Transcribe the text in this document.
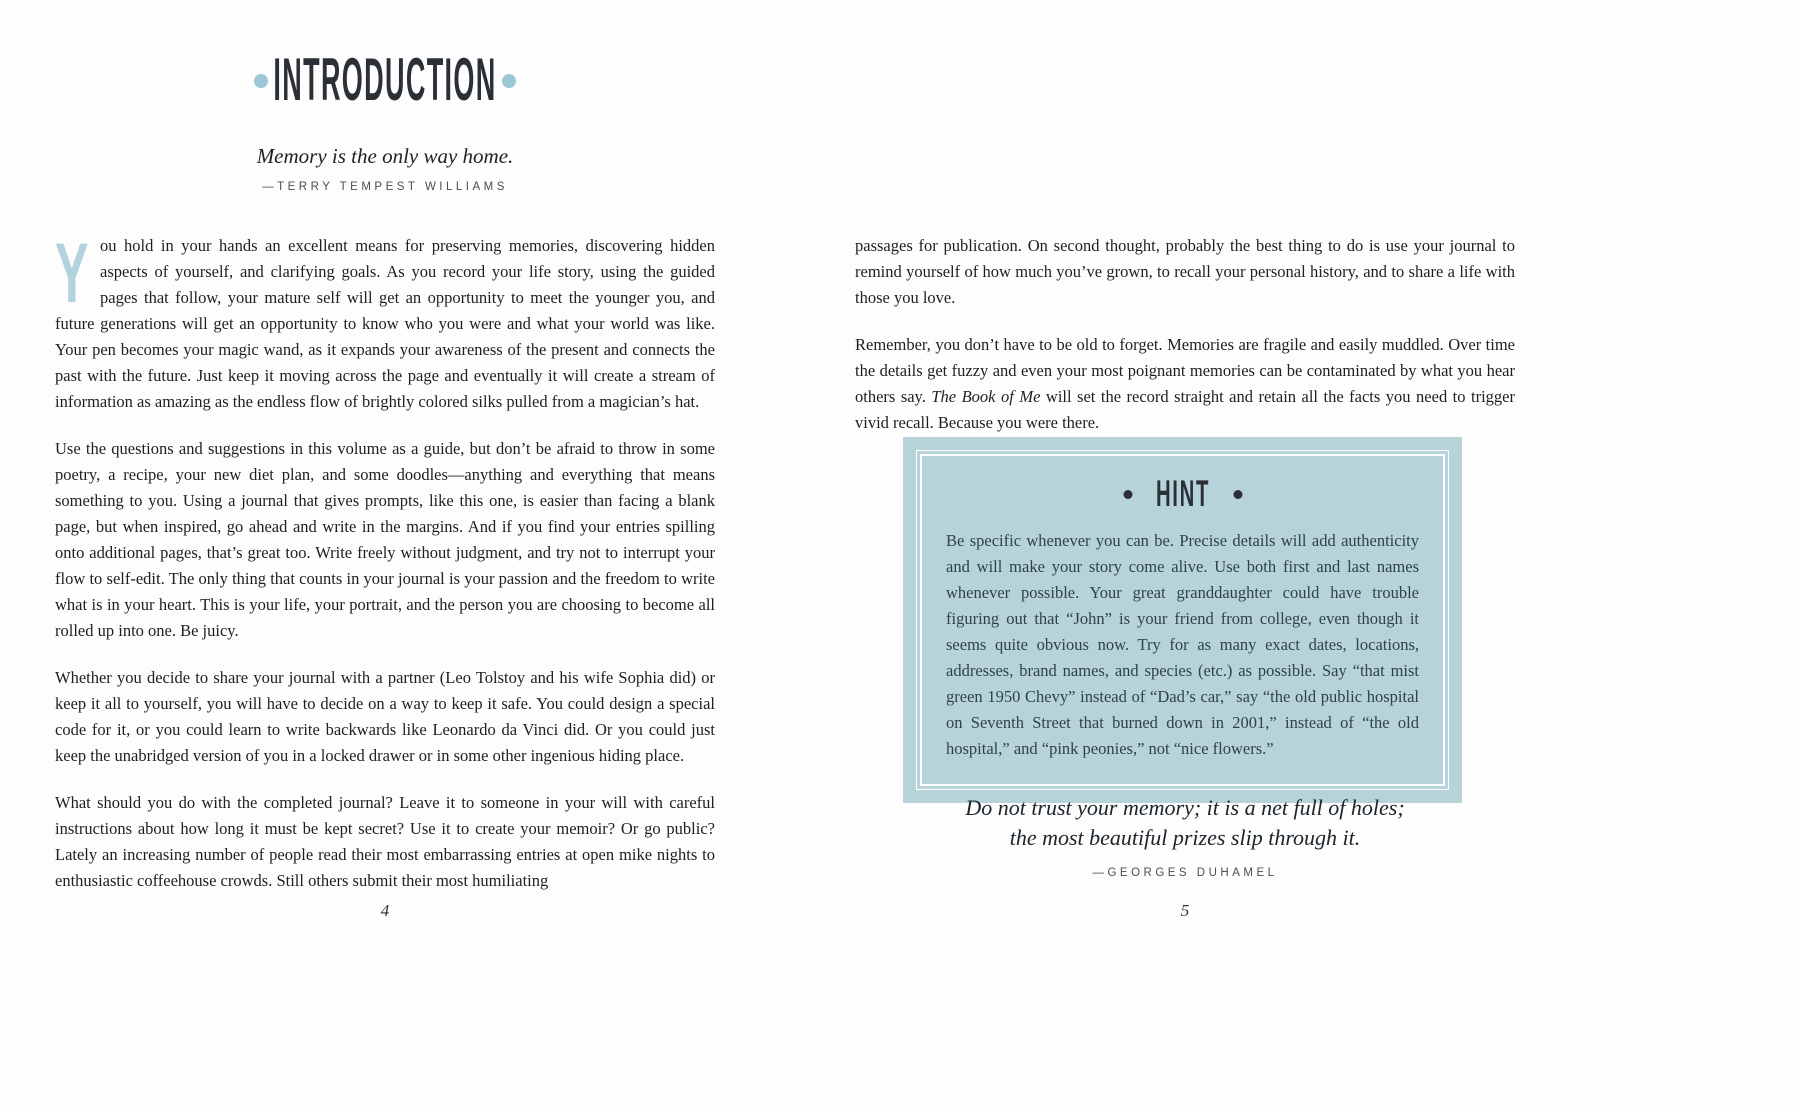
INTRODUCTION

Memory is the only way home.

—TERRY TEMPEST WILLIAMS

You hold in your hands an excellent means for preserving memories, discovering hidden aspects of yourself, and clarifying goals. As you record your life story, using the guided pages that follow, your mature self will get an opportunity to meet the younger you, and future generations will get an opportunity to know who you were and what your world was like. Your pen becomes your magic wand, as it expands your awareness of the present and connects the past with the future. Just keep it moving across the page and eventually it will create a stream of information as amazing as the endless flow of brightly colored silks pulled from a magician’s hat.

Use the questions and suggestions in this volume as a guide, but don’t be afraid to throw in some poetry, a recipe, your new diet plan, and some doodles—anything and everything that means something to you. Using a journal that gives prompts, like this one, is easier than facing a blank page, but when inspired, go ahead and write in the margins. And if you find your entries spilling onto additional pages, that’s great too. Write freely without judgment, and try not to interrupt your flow to self-edit. The only thing that counts in your journal is your passion and the freedom to write what is in your heart. This is your life, your portrait, and the person you are choosing to become all rolled up into one. Be juicy.

Whether you decide to share your journal with a partner (Leo Tolstoy and his wife Sophia did) or keep it all to yourself, you will have to decide on a way to keep it safe. You could design a special code for it, or you could learn to write backwards like Leonardo da Vinci did. Or you could just keep the unabridged version of you in a locked drawer or in some other ingenious hiding place.

What should you do with the completed journal? Leave it to someone in your will with careful instructions about how long it must be kept secret? Use it to create your memoir? Or go public? Lately an increasing number of people read their most embarrassing entries at open mike nights to enthusiastic coffeehouse crowds. Still others submit their most humiliating

4

passages for publication. On second thought, probably the best thing to do is use your journal to remind yourself of how much you’ve grown, to recall your personal history, and to share a life with those you love.

Remember, you don’t have to be old to forget. Memories are fragile and easily muddled. Over time the details get fuzzy and even your most poignant memories can be contaminated by what you hear others say. The Book of Me will set the record straight and retain all the facts you need to trigger vivid recall. Because you were there.

HINT

Be specific whenever you can be. Precise details will add authenticity and will make your story come alive. Use both first and last names whenever possible. Your great granddaughter could have trouble figuring out that “John” is your friend from college, even though it seems quite obvious now. Try for as many exact dates, locations, addresses, brand names, and species (etc.) as possible. Say “that mist green 1950 Chevy” instead of “Dad’s car,” say “the old public hospital on Seventh Street that burned down in 2001,” instead of “the old hospital,” and “pink peonies,” not “nice flowers.”

Do not trust your memory; it is a net full of holes;

the most beautiful prizes slip through it.

—GEORGES DUHAMEL

5
